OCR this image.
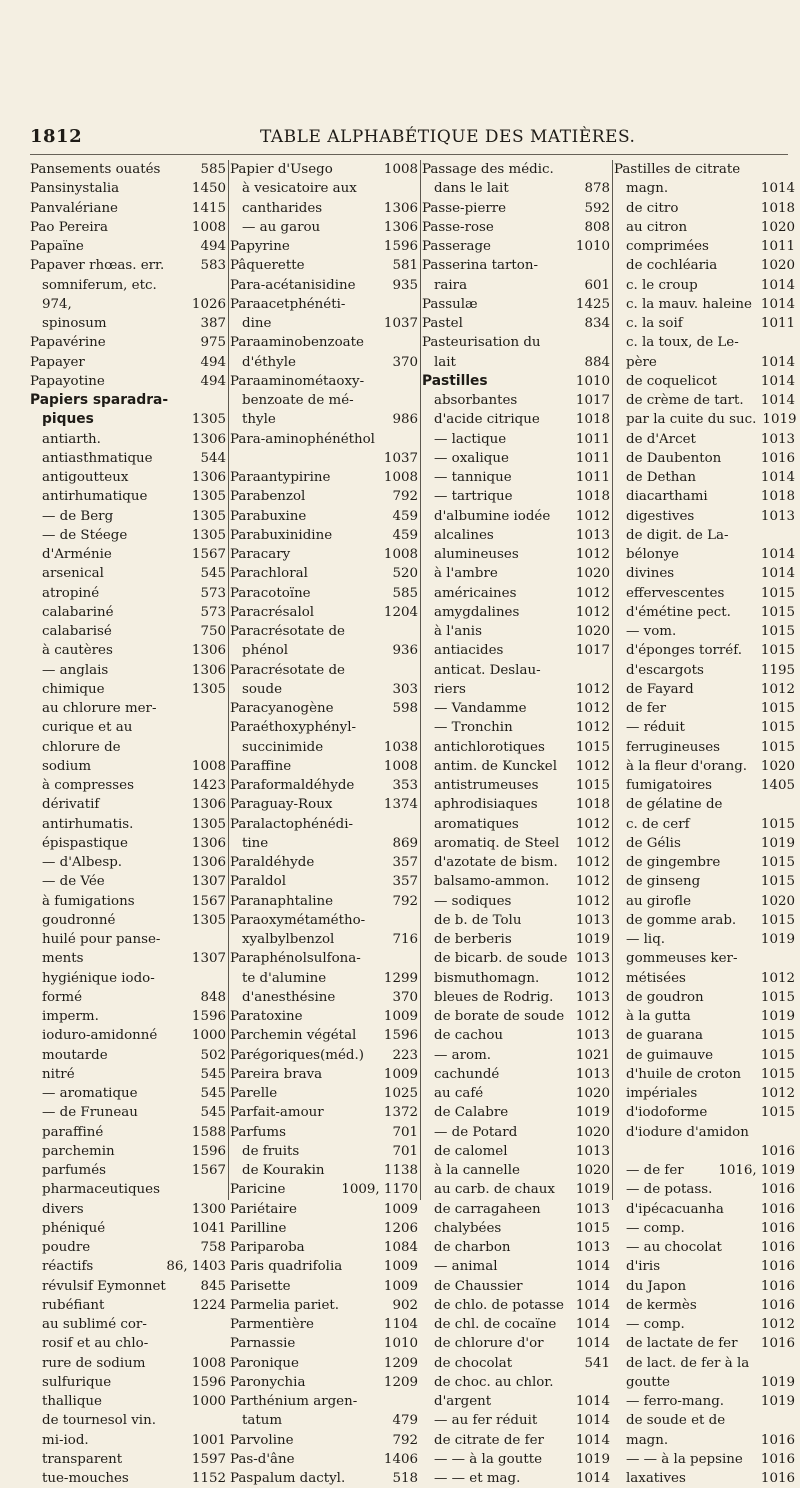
1812	TABLE ALPHABÉTIQUE DES MATIÈRES.
Pansements ouatés	585
Pansinystalia	1450
Panvalériane	1415
Pao Pereira	1008
Papaïne	494
Papaver rhœas. err.	583
somniferum, etc.
974,	1026
spinosum	387
Papavérine	975
Papayer	494
Papayotine	494
Papiers sparadra-
piques	1305
antiarth.	1306
antiasthmatique	544
antigoutteux	1306
antirhumatique	1305
— de Berg	1305
— de Stéege	1305
d'Arménie	1567
arsenical	545
atropiné	573
calabariné	573
calabarisé	750
à cautères	1306
— anglais	1306
chimique	1305
au chlorure mer-
curique et au
chlorure de
sodium	1008
à compresses	1423
dérivatif	1306
antirhumatis.	1305
épispastique	1306
— d'Albesp.	1306
— de Vée	1307
à fumigations	1567
goudronné	1305
huilé pour panse-
ments	1307
hygiénique iodo-
formé	848
imperm.	1596
ioduro-amidonné	1000
moutarde	502
nitré	545
— aromatique	545
— de Fruneau	545
paraffiné	1588
parchemin	1596
parfumés	1567
pharmaceutiques
divers	1300
phéniqué	1041
poudre	758
réactifs	86, 1403
révulsif Eymonnet	845
rubéfiant	1224
au sublimé cor-
rosif et au chlo-
rure de sodium	1008
sulfurique	1596
thallique	1000
de tournesol vin.
mi-iod.	1001
transparent	1597
tue-mouches	1152
Papier d'Usego	1008
à vesicatoire aux
cantharides	1306
— au garou	1306
Papyrine	1596
Pâquerette	581
Para-acétanisidine	935
Paraacetphénéti-
dine	1037
Paraaminobenzoate
d'éthyle	370
Paraaminométaoxy-
benzoate de mé-
thyle	986
Para-aminophénéthol
1037
Paraantypirine	1008
Parabenzol	792
Parabuxine	459
Parabuxinidine	459
Paracary	1008
Parachloral	520
Paracotoïne	585
Paracrésalol	1204
Paracrésotate de
phénol	936
Paracrésotate de
soude	303
Paracyanogène	598
Paraéthoxyphényl-
succinimide	1038
Paraffine	1008
Paraformaldéhyde	353
Paraguay-Roux	1374
Paralactophénédi-
tine	869
Paraldéhyde	357
Paraldol	357
Paranaphtaline	792
Paraoxymétaméthо-
xyalbylbenzol	716
Paraphénolsulfona-
te d'alumine	1299
d'anesthésine	370
Paratoxine	1009
Parchemin végétal 1596
Parégoriques(méd.) 223
Pareira brava	1009
Parelle	1025
Parfait-amour	1372
Parfums	701
de fruits	701
de Kourakin	1138
Paricine	1009, 1170
Pariétaire	1009
Parilline	1206
Pariparoba	1084
Paris quadrifolia	1009
Parisette	1009
Parmelia pariet.	902
Parmentière	1104
Parnassie	1010
Paronique	1209
Paronychia	1209
Parthénium argen-
tatum	479
Parvoline	792
Pas-d'âne	1406
Paspalum dactyl.	518
Passage des médic.
dans le lait	878
Passe-pierre	592
Passe-rose	808
Passerage	1010
Passerina tarton-
raira	601
Passulæ	1425
Pastel	834
Pasteurisation du
lait	884
Pastilles	1010
absorbantes	1017
d'acide citrique	1018
— lactique	1011
— oxalique	1011
— tannique	1011
— tartrique	1018
d'albumine iodée 1012
alcalines	1013
alumineuses	1012
à l'ambre	1020
américaines	1012
amygdalines	1012
à l'anis	1020
antiacides	1017
anticat. Deslau-
riers	1012
— Vandamme	1012
— Tronchin	1012
antichlorotiques 1015
antim. de Kunckel 1012
antistrumeuses	1015
aphrodisiaques	1018
aromatiques	1012
aromatiq. de Steel 1012
d'azotate de bism. 1012
balsamo-ammon. 1012
— sodiques	1012
de b. de Tolu	1013
de berberis	1019
de bicarb. de soude 1013
bismuthomagn.	1012
bleues de Rodrig. 1013
de borate de soude 1012
de cachou	1013
— arom.	1021
cachundé	1013
au café	1020
de Calabre	1019
— de Potard	1020
de calomel	1013
à la cannelle	1020
au carb. de chaux 1019
de carragaheen	1013
chalybées	1015
de charbon	1013
— animal	1014
de Chaussier	1014
de chlo. de potasse 1014
de chl. de cocaïne 1014
de chlorure d'or 1014
de chocolat	541
de choc. au chlor.
d'argent	1014
— au fer réduit	1014
de citrate de fer 1014
— — à la goutte	1019
— — et mag.	1014
Pastilles de citrate
magn.	1014
de citro	1018
au citron	1020
comprimées	1011
de cochléaria	1020
c. le croup	1014
c. la mauv. haleine 1014
c. la soif	1011
c. la toux, de Le-
père	1014
de coquelicot	1014
de crème de tart. 1014
par la cuite du suc. 1019
de d'Arcet	1013
de Daubenton	1016
de Dethan	1014
diacarthami	1018
digestives	1013
de digit. de La-
bélonye	1014
divines	1014
effervescentes	1015
d'émétine pect. 1015
— vom.	1015
d'éponges torréf. 1015
d'escargots	1195
de Fayard	1012
de fer	1015
— réduit	1015
ferrugineuses	1015
à la fleur d'orang. 1020
fumigatoires	1405
de gélatine de
c. de cerf	1015
de Gélis	1019
de gingembre	1015
de ginseng	1015
au girofle	1020
de gomme arab. 1015
— liq.	1019
gommeuses ker-
métisées	1012
de goudron	1015
à la gutta	1019
de guarana	1015
de guimauve	1015
d'huile de croton 1015
impériales	1012
d'iodoforme	1015
d'iodure d'amidon
1016
— de fer	1016, 1019
— de potass.	1016
d'ipécacuanha	1016
— comp.	1016
— au chocolat	1016
d'iris	1016
du Japon	1016
de kermès	1016
— comp.	1012
de lactate de fer 1016
de lact. de fer à la
goutte	1019
— ferro-mang.	1019
de soude et de
magn.	1016
— — à la pepsine 1016
laxatives	1016
